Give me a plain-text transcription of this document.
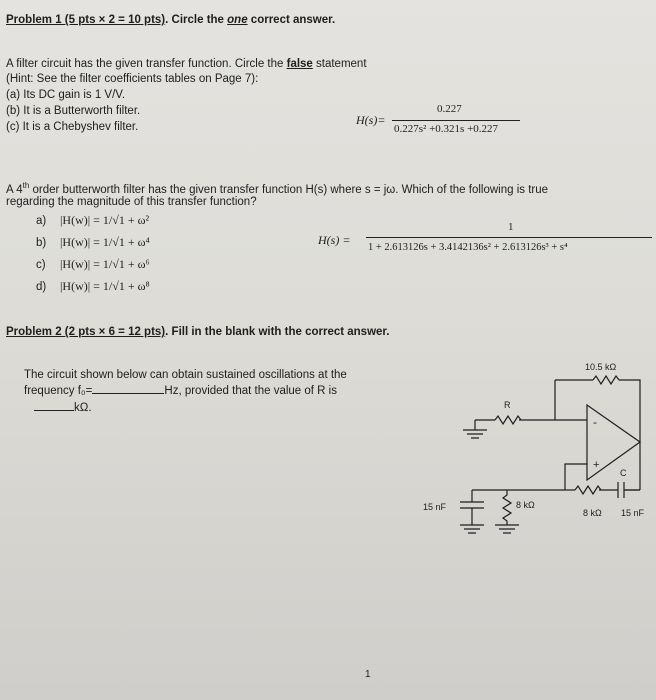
Problem 1 (5 pts × 2 = 10 pts). Circle the one correct answer.
A filter circuit has the given transfer function. Circle the false statement
(Hint: See the filter coefficients tables on Page 7):
(a) Its DC gain is 1 V/V.
(b) It is a Butterworth filter.
(c) It is a Chebyshev filter.	H(s)=
0.227
0.227s² +0.321s +0.227
A 4th order butterworth filter has the given transfer function H(s) where s = jω. Which of the following is true
regarding the magnitude of this transfer function?
a) |H(w)| = 1/√1 + ω²
b) |H(w)| = 1/√1 + ω⁴
c) |H(w)| = 1/√1 + ω⁶
d) |H(w)| = 1/√1 + ω⁸
H(s) =
1
1 + 2.613126s + 3.4142136s² + 2.613126s³ + s⁴
Problem 2 (2 pts × 6 = 12 pts). Fill in the blank with the correct answer.
The circuit shown below can obtain sustained oscillations at the
frequency f₀=	Hz, provided that the value of R is
kΩ.
10.5 kΩ
R
-
+
C
15 nF	8 kΩ
8 kΩ 15 nF
1
